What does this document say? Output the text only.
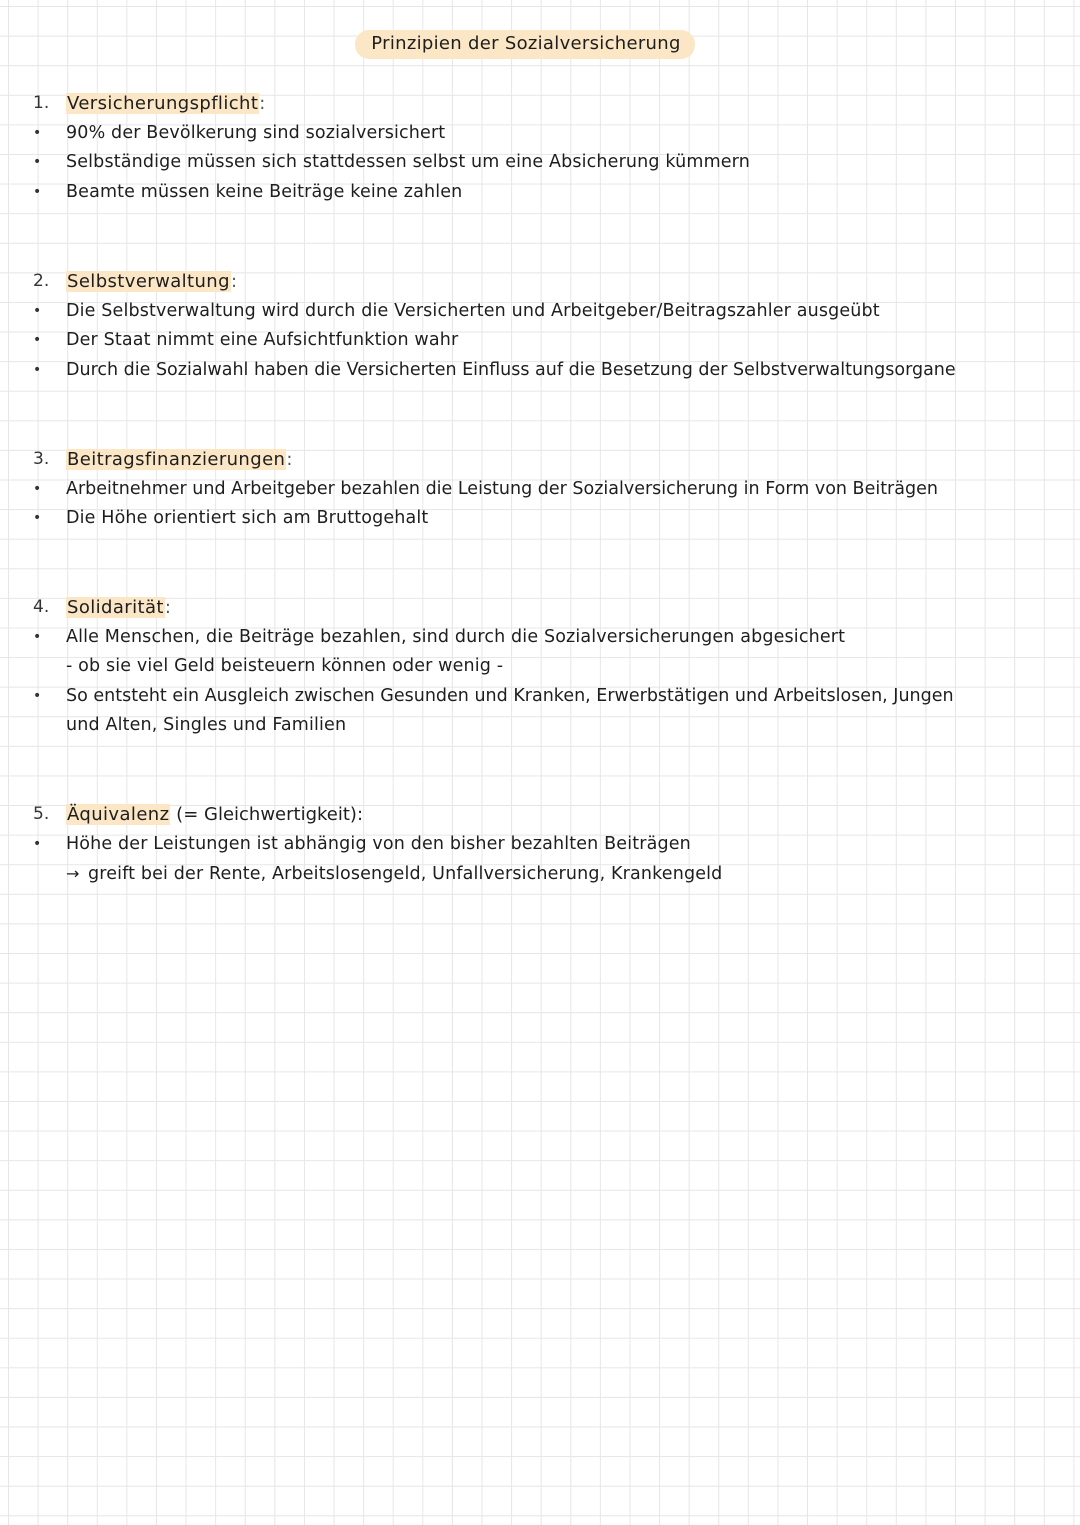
Prinzipien der Sozialversicherung
1. Versicherungspflicht:
• 90% der Bevölkerung sind sozialversichert
• Selbständige müssen sich stattdessen selbst um eine Absicherung kümmern
• Beamte müssen keine Beiträge keine zahlen
2. Selbstverwaltung:
• Die Selbstverwaltung wird durch die Versicherten und Arbeitgeber/Beitragszahler ausgeübt
• Der Staat nimmt eine Aufsichtfunktion wahr
• Durch die Sozialwahl haben die Versicherten Einfluss auf die Besetzung der Selbstverwaltungsorgane
3. Beitragsfinanzierungen:
• Arbeitnehmer und Arbeitgeber bezahlen die Leistung der Sozialversicherung in Form von Beiträgen
• Die Höhe orientiert sich am Bruttogehalt
4. Solidarität:
• Alle Menschen, die Beiträge bezahlen, sind durch die Sozialversicherungen abgesichert
- ob sie viel Geld beisteuern können oder wenig -
• So entsteht ein Ausgleich zwischen Gesunden und Kranken, Erwerbstätigen und Arbeitslosen, Jungen
und Alten, Singles und Familien
5. Äquivalenz (= Gleichwertigkeit):
• Höhe der Leistungen ist abhängig von den bisher bezahlten Beiträgen
→ greift bei der Rente, Arbeitslosengeld, Unfallversicherung, Krankengeld
